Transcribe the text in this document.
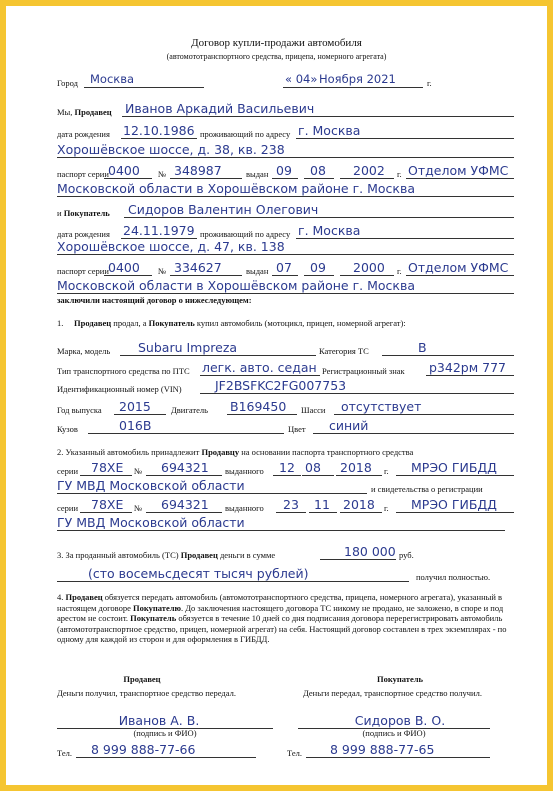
Договор купли-продажи автомобиля
(автомототранспортного средства, прицепа, номерного агрегата)
Город Москва	« 04» Ноября 2021	г.
Мы, Продавец Иванов Аркадий Васильевич
дата рождения 12.10.1986 проживающий по адресу г. Москва
Хорошёвское шоссе, д. 38, кв. 238
паспорт серии 0400 № 348987	выдан 09 08 2002 г. Отделом УФМС
Московской области в Хорошёвском районе г. Москва
и Покупатель Сидоров Валентин Олегович
дата рождения 24.11.1979 проживающий по адресу г. Москва
Хорошёвское шоссе, д. 47, кв. 138
паспорт серии 0400 № 334627	выдан 07 09 2000 г. Отделом УФМС
Московской области в Хорошёвском районе г. Москва
заключили настоящий договор о нижеследующем:
1. Продавец продал, а Покупатель купил автомобиль (мотоцикл, прицеп, номерной агрегат):
Марка, модель Subaru Impreza	Категория ТС	В
Тип транспортного средства по ПТС легк. авто. седан Регистрационный знак р342рм 777
Идентификационный номер (VIN)	JF2BSFKC2FG007753
Год выпуска 2015 Двигатель В169450 Шасси отсутствует
Кузов	016В	Цвет синий
2. Указанный автомобиль принадлежит Продавцу на основании паспорта транспортного средства
серии 78ХЕ № 694321 выданного 12 08 2018 г. МРЭО ГИБДД
ГУ МВД Московской области	и свидетельства о регистрации
серии 78ХЕ № 694321 выданного 23 11 2018 г. МРЭО ГИБДД
ГУ МВД Московской области
3. За проданный автомобиль (ТС) Продавец деньги в сумме	180 000 руб.
(сто восемьсдесят тысяч рублей)	получил полностью.
4. Продавец обязуется передать автомобиль (автомототранспортного средства, прицепа, номерного агрегата), указанный в настоящем договоре Покупателю. До заключения настоящего договора ТС никому не продано, не заложено, в споре и под арестом не состоит. Покупатель обязуется в течение 10 дней со дня подписания договора перерегистрировать автомобиль (автомототранспортное средство, прицеп, номерной агрегат) на себя. Настоящий договор составлен в трех экземплярах - по одному для каждой из сторон и для оформления в ГИБДД.
Продавец
Деньги получил, транспортное средство передал.
Иванов А. В.
(подпись и ФИО)
Тел. 8 999 888-77-66
Покупатель
Деньги передал, транспортное средство получил.
Сидоров В. О.
(подпись и ФИО)
Тел. 8 999 888-77-65
